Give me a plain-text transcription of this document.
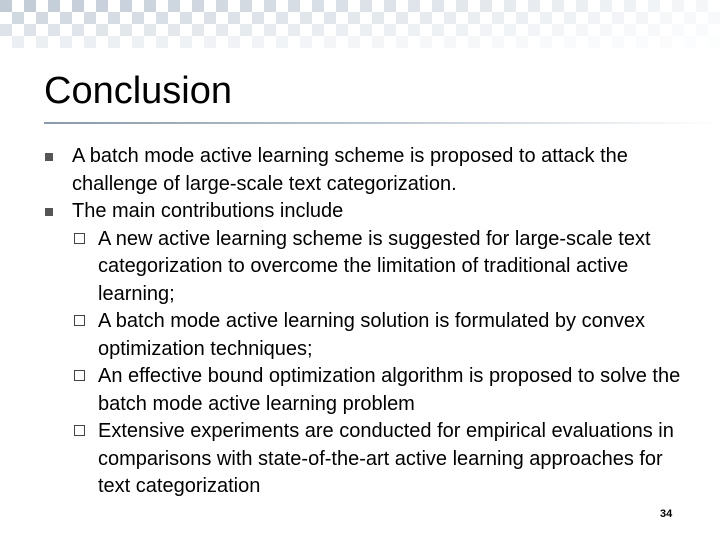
Conclusion
A batch mode active learning scheme is proposed to attack the challenge of large-scale text categorization.
The main contributions include
A new active learning scheme is suggested for large-scale text categorization to overcome the limitation of traditional active learning;
A batch mode active learning solution is formulated by convex optimization techniques;
An effective bound optimization algorithm is proposed to solve the batch mode active learning problem
Extensive experiments are conducted for empirical evaluations in comparisons with state-of-the-art active learning approaches for text categorization
34
